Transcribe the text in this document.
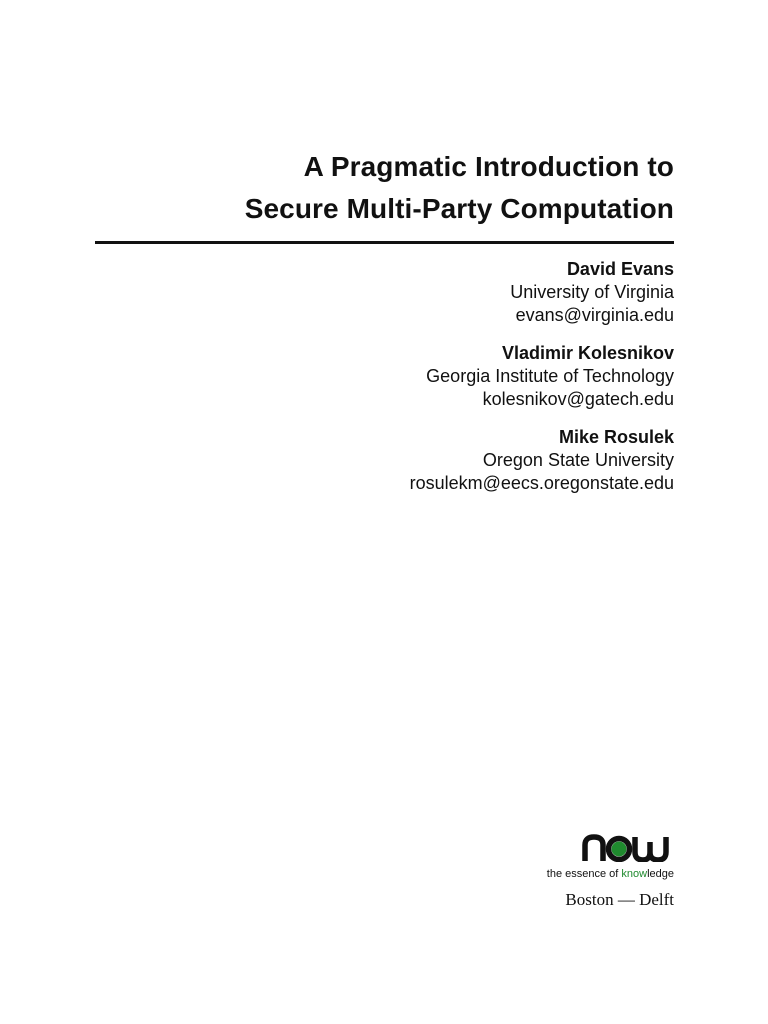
A Pragmatic Introduction to
Secure Multi-Party Computation
David Evans
University of Virginia
evans@virginia.edu
Vladimir Kolesnikov
Georgia Institute of Technology
kolesnikov@gatech.edu
Mike Rosulek
Oregon State University
rosulekm@eecs.oregonstate.edu
the essence of knowledge
Boston — Delft
